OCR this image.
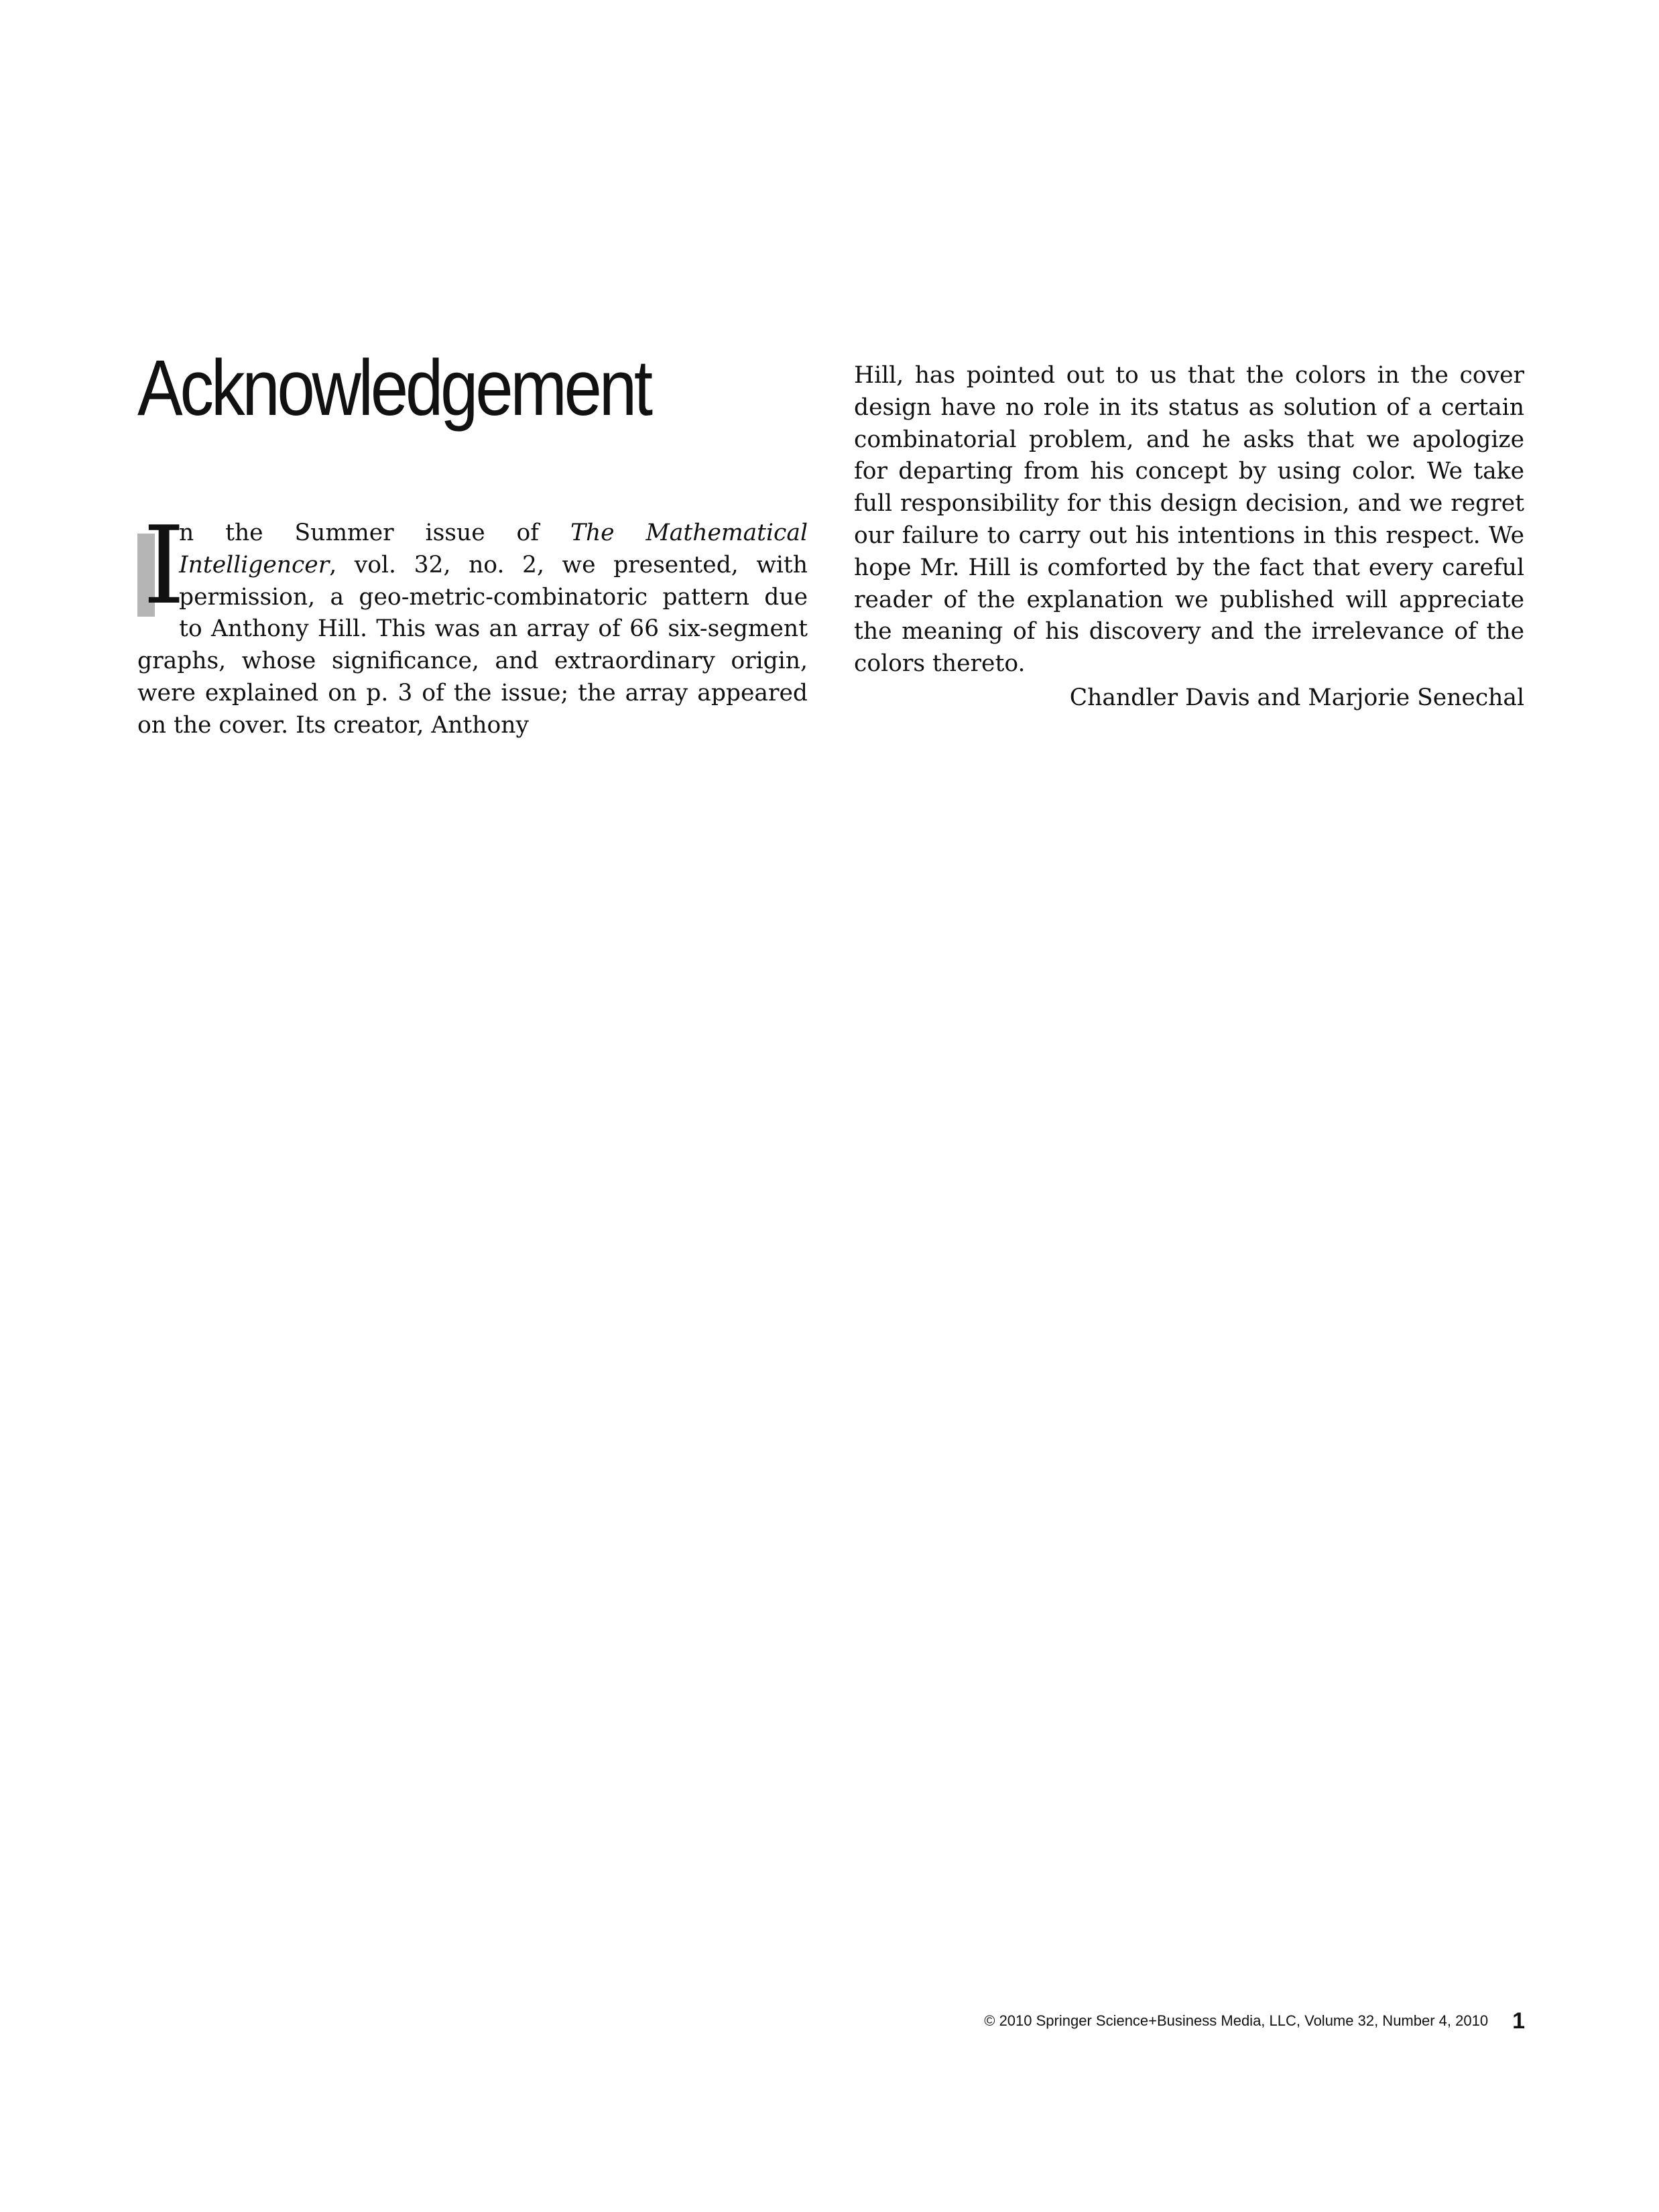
Acknowledgement

I
n the Summer issue of The Mathematical Intelligencer, vol. 32, no. 2, we presented, with permission, a geo-metric-combinatoric pattern due to Anthony Hill. This was an array of 66 six-segment graphs, whose significance, and extraordinary origin, were explained on p. 3 of the issue; the array appeared on the cover. Its creator, Anthony

Hill, has pointed out to us that the colors in the cover design have no role in its status as solution of a certain combinatorial problem, and he asks that we apologize for departing from his concept by using color. We take full responsibility for this design decision, and we regret our failure to carry out his intentions in this respect. We hope Mr. Hill is comforted by the fact that every careful reader of the explanation we published will appreciate the meaning of his discovery and the irrelevance of the colors thereto.

Chandler Davis and Marjorie Senechal
© 2010 Springer Science+Business Media, LLC, Volume 32, Number 4, 2010 1
